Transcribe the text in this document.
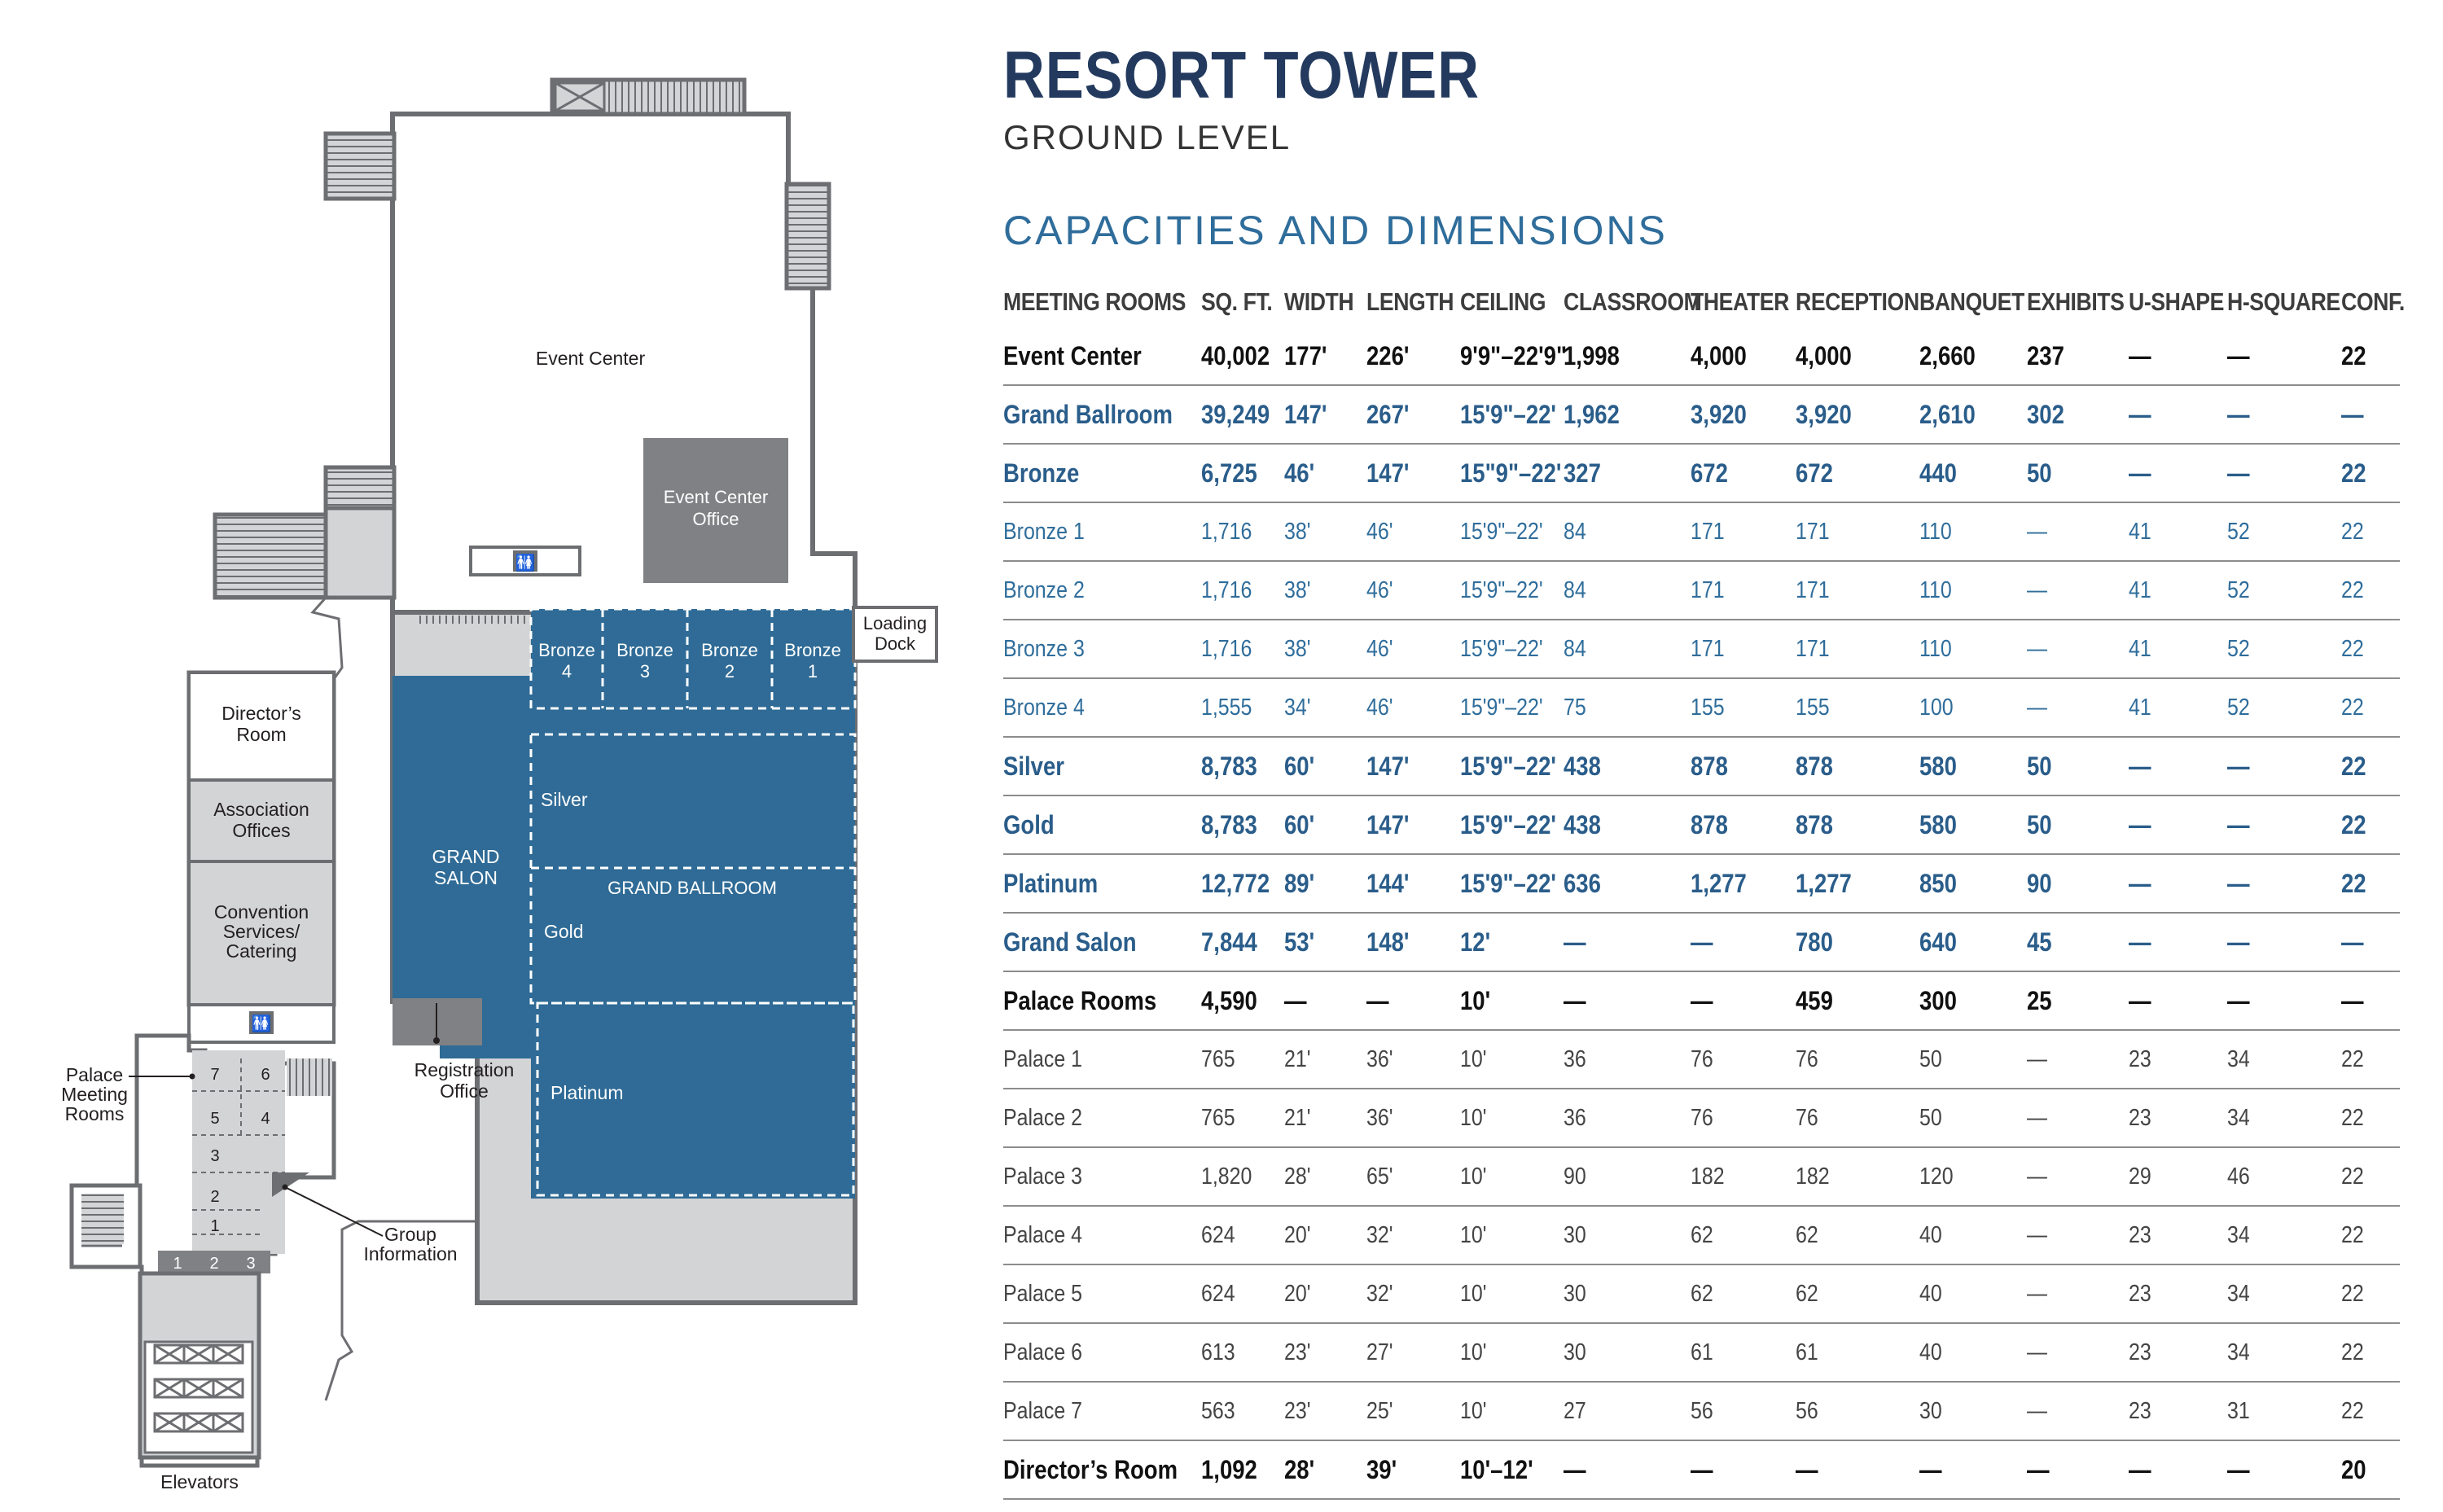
Event Center
Event Center
Office
🚻
GRAND
SALON	GRAND BALLROOM
Bronze
4
Bronze
3
Bronze
2
Bronze
1
Silver
Gold
Platinum
Registration
Office
Loading
Dock
Director’s
Room
Association
Offices
Convention
Services/
Catering
🚻
7	6
5	4
3
2
1
1 2 3
Elevators
Palace
Meeting
Rooms
Group
Information
RESORT TOWER
GROUND LEVEL
CAPACITIES AND DIMENSIONS
MEETING ROOMS	SQ. FT.	WIDTH	LENGTH	CEILING	CLASSROOM	THEATER	RECEPTION	BANQUET	EXHIBITS	U-SHAPE	H-SQUARE	CONF.
Event Center	40,002	177'	226'	9'9"–22'9"	1,998	4,000	4,000	2,660	237	—	—	22
Grand Ballroom	39,249	147'	267'	15'9"–22'	1,962	3,920	3,920	2,610	302	—	—	—
Bronze	6,725	46'	147'	15"9"–22'	327	672	672	440	50	—	—	22
Bronze 1	1,716	38'	46'	15'9"–22'	84	171	171	110	—	41	52	22
Bronze 2	1,716	38'	46'	15'9"–22'	84	171	171	110	—	41	52	22
Bronze 3	1,716	38'	46'	15'9"–22'	84	171	171	110	—	41	52	22
Bronze 4	1,555	34'	46'	15'9"–22'	75	155	155	100	—	41	52	22
Silver	8,783	60'	147'	15'9"–22'	438	878	878	580	50	—	—	22
Gold	8,783	60'	147'	15'9"–22'	438	878	878	580	50	—	—	22
Platinum	12,772	89'	144'	15'9"–22'	636	1,277	1,277	850	90	—	—	22
Grand Salon	7,844	53'	148'	12'	—	—	780	640	45	—	—	—
Palace Rooms	4,590	—	—	10'	—	—	459	300	25	—	—	—
Palace 1	765	21'	36'	10'	36	76	76	50	—	23	34	22
Palace 2	765	21'	36'	10'	36	76	76	50	—	23	34	22
Palace 3	1,820	28'	65'	10'	90	182	182	120	—	29	46	22
Palace 4	624	20'	32'	10'	30	62	62	40	—	23	34	22
Palace 5	624	20'	32'	10'	30	62	62	40	—	23	34	22
Palace 6	613	23'	27'	10'	30	61	61	40	—	23	34	22
Palace 7	563	23'	25'	10'	27	56	56	30	—	23	31	22
Director’s Room	1,092	28'	39'	10'–12'	—	—	—	—	—	—	—	20
